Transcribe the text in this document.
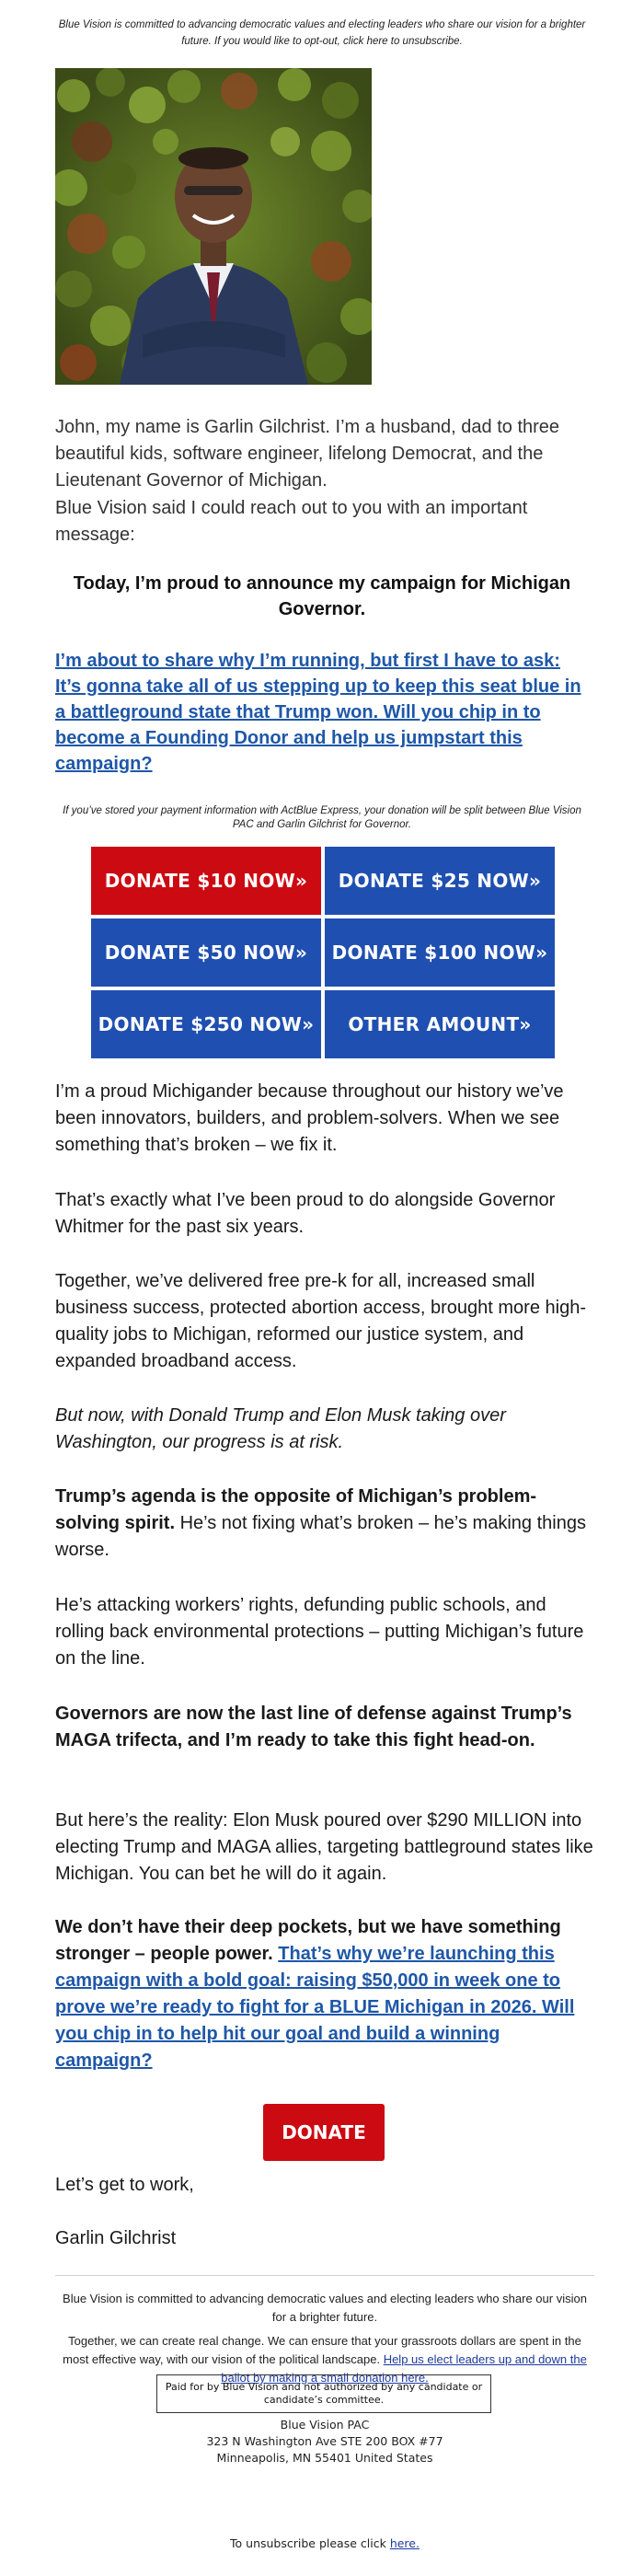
Blue Vision is committed to advancing democratic values and electing leaders who share our vision for a brighter future. If you would like to opt-out, click here to unsubscribe.
John, my name is Garlin Gilchrist. I’m a husband, dad to three beautiful kids, software engineer, lifelong Democrat, and the Lieutenant Governor of Michigan.
Blue Vision said I could reach out to you with an important message:
Today, I’m proud to announce my campaign for Michigan Governor.
I’m about to share why I’m running, but first I have to ask: It’s gonna take all of us stepping up to keep this seat blue in a battleground state that Trump won. Will you chip in to become a Founding Donor and help us jumpstart this campaign?
If you’ve stored your payment information with ActBlue Express, your donation will be split between Blue Vision PAC and Garlin Gilchrist for Governor.
DONATE $10 NOW»	DONATE $25 NOW»
DONATE $50 NOW»	DONATE $100 NOW»
DONATE $250 NOW»	OTHER AMOUNT»
I’m a proud Michigander because throughout our history we’ve been innovators, builders, and problem-solvers. When we see something that’s broken – we fix it.
That’s exactly what I’ve been proud to do alongside Governor Whitmer for the past six years.
Together, we’ve delivered free pre-k for all, increased small business success, protected abortion access, brought more high-quality jobs to Michigan, reformed our justice system, and expanded broadband access.
But now, with Donald Trump and Elon Musk taking over Washington, our progress is at risk.
Trump’s agenda is the opposite of Michigan’s problem-solving spirit. He’s not fixing what’s broken – he’s making things worse.
He’s attacking workers’ rights, defunding public schools, and rolling back environmental protections – putting Michigan’s future on the line.
Governors are now the last line of defense against Trump’s MAGA trifecta, and I’m ready to take this fight head-on.
But here’s the reality: Elon Musk poured over $290 MILLION into electing Trump and MAGA allies, targeting battleground states like Michigan. You can bet he will do it again.
We don’t have their deep pockets, but we have something stronger – people power. That’s why we’re launching this campaign with a bold goal: raising $50,000 in week one to prove we’re ready to fight for a BLUE Michigan in 2026. Will you chip in to help hit our goal and build a winning campaign?
DONATE
Let’s get to work,
Garlin Gilchrist
Blue Vision is committed to advancing democratic values and electing leaders who share our vision for a brighter future.
Together, we can create real change. We can ensure that your grassroots dollars are spent in the most effective way, with our vision of the political landscape. Help us elect leaders up and down the ballot by making a small donation here.
Paid for by Blue Vision and not authorized by any candidate or candidate’s committee.
Blue Vision PAC
323 N Washington Ave STE 200 BOX #77
Minneapolis, MN 55401 United States
To unsubscribe please click here.
